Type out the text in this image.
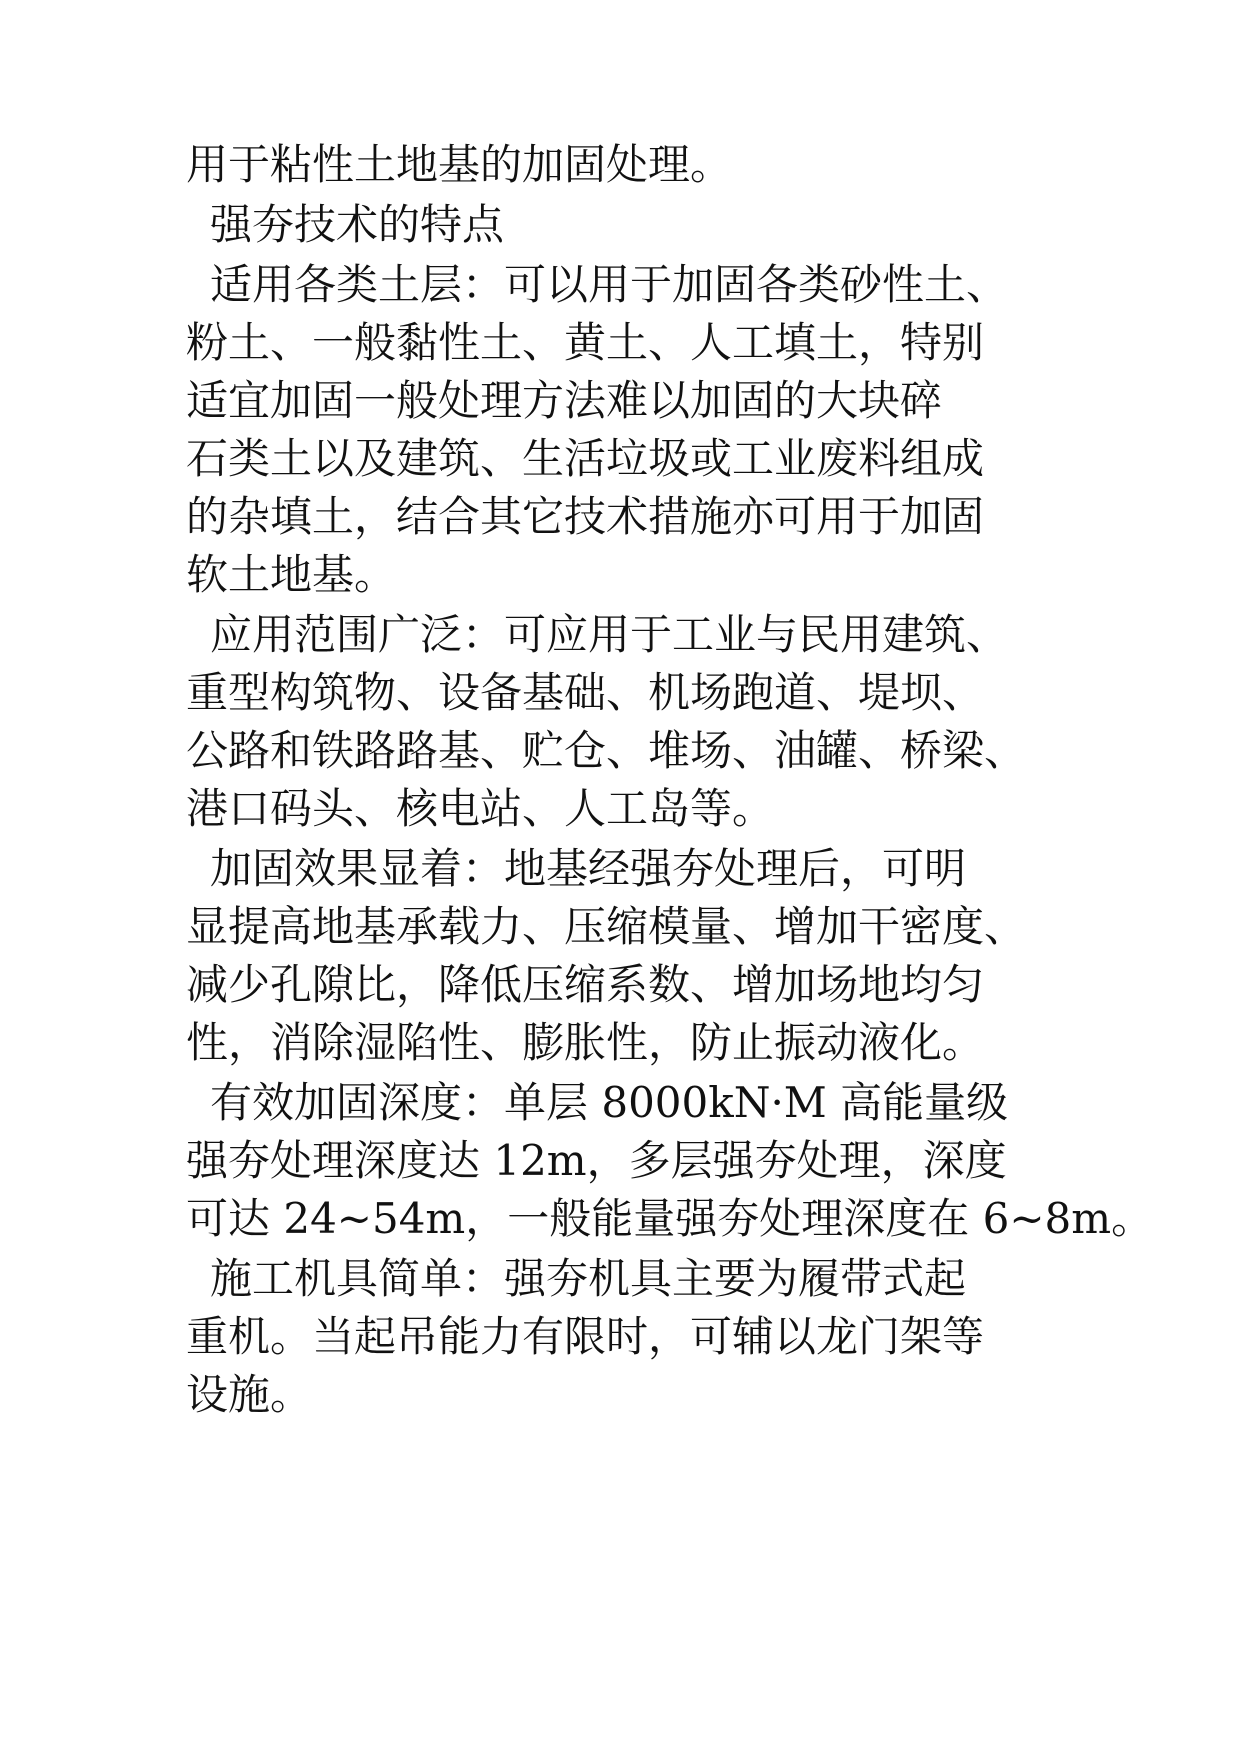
用于粘性土地基的加固处理。
强夯技术的特点
适用各类土层：可以用于加固各类砂性土、
粉土、一般黏性土、黄土、人工填土，特别
适宜加固一般处理方法难以加固的大块碎
石类土以及建筑、生活垃圾或工业废料组成
的杂填土，结合其它技术措施亦可用于加固
软土地基。
应用范围广泛：可应用于工业与民用建筑、
重型构筑物、设备基础、机场跑道、堤坝、
公路和铁路路基、贮仓、堆场、油罐、桥梁、
港口码头、核电站、人工岛等。
加固效果显着：地基经强夯处理后，可明
显提高地基承载力、压缩模量、增加干密度、
减少孔隙比，降低压缩系数、增加场地均匀
性，消除湿陷性、膨胀性，防止振动液化。
有效加固深度：单层 8000kN·M 高能量级
强夯处理深度达 12m，多层强夯处理，深度
可达 24~54m，一般能量强夯处理深度在 6~8m。
施工机具简单：强夯机具主要为履带式起
重机。当起吊能力有限时，可辅以龙门架等
设施。
